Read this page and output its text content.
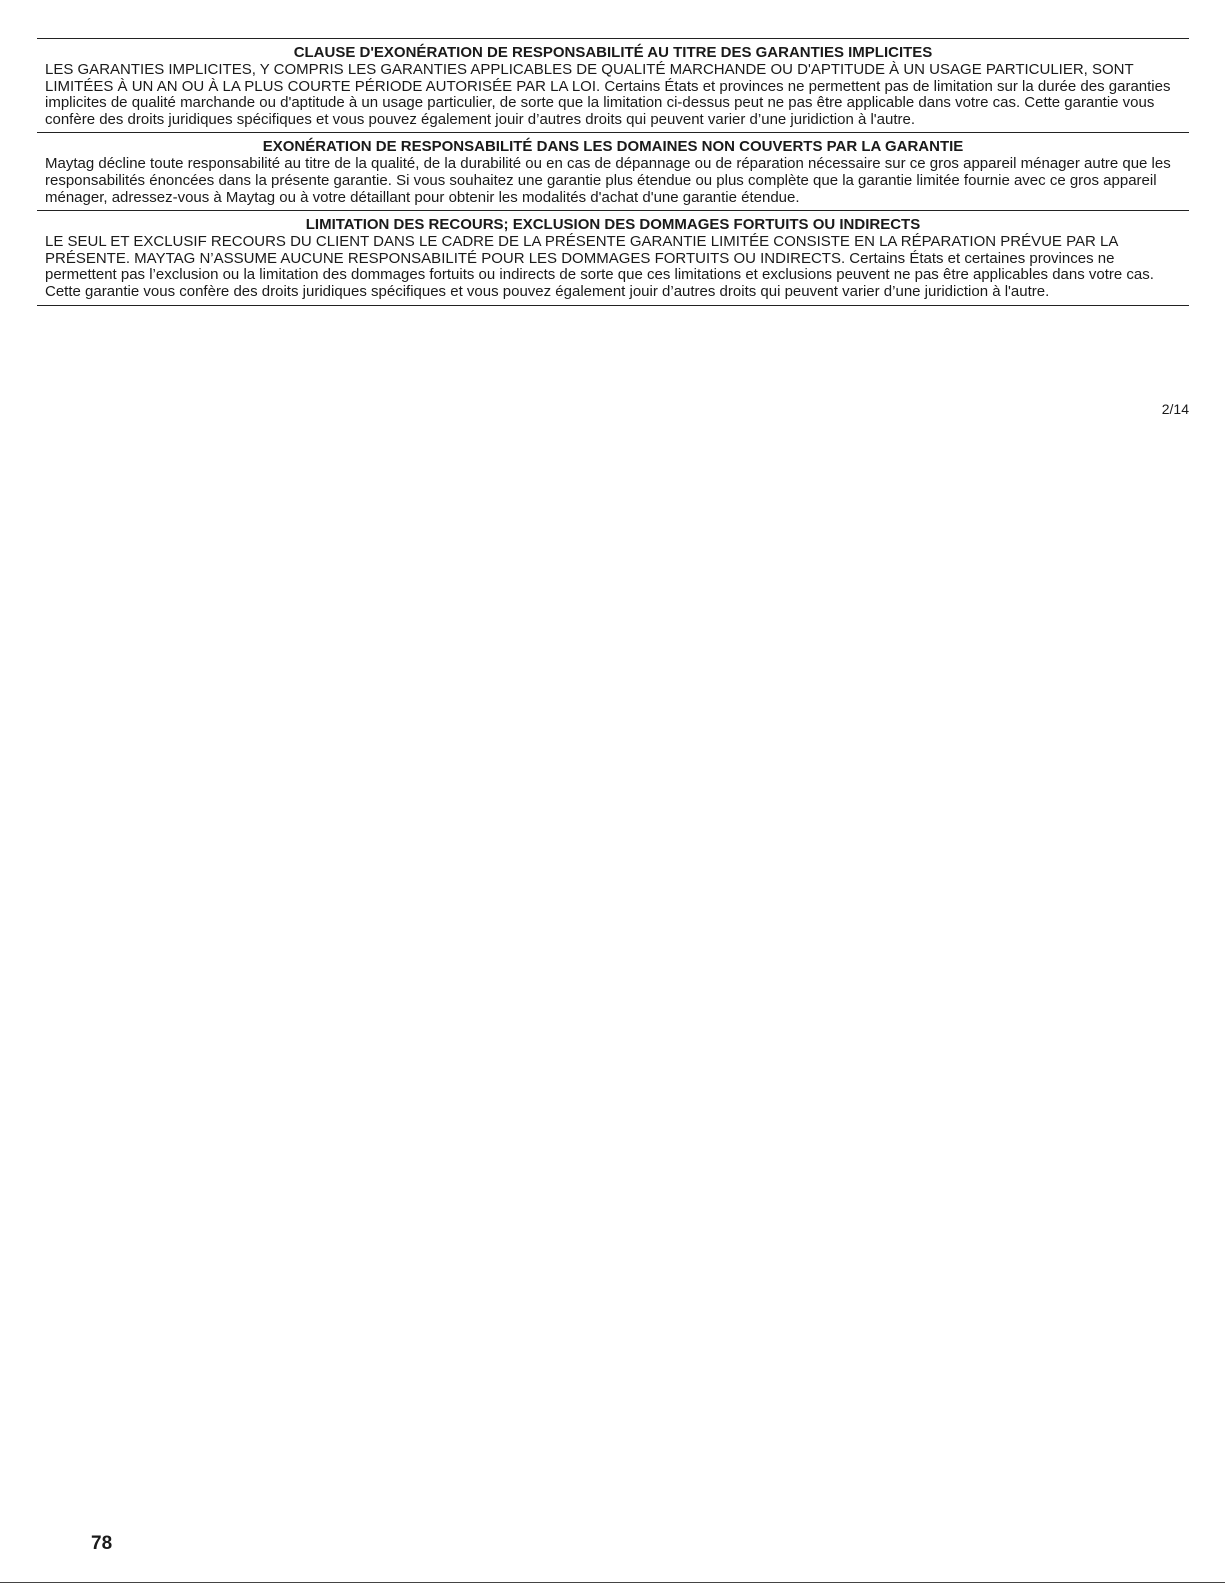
CLAUSE D'EXONÉRATION DE RESPONSABILITÉ AU TITRE DES GARANTIES IMPLICITES

LES GARANTIES IMPLICITES, Y COMPRIS LES GARANTIES APPLICABLES DE QUALITÉ MARCHANDE OU D'APTITUDE À UN USAGE PARTICULIER, SONT LIMITÉES À UN AN OU À LA PLUS COURTE PÉRIODE AUTORISÉE PAR LA LOI. Certains États et provinces ne permettent pas de limitation sur la durée des garanties implicites de qualité marchande ou d'aptitude à un usage particulier, de sorte que la limitation ci-dessus peut ne pas être applicable dans votre cas. Cette garantie vous confère des droits juridiques spécifiques et vous pouvez également jouir d’autres droits qui peuvent varier d’une juridiction à l'autre.

EXONÉRATION DE RESPONSABILITÉ DANS LES DOMAINES NON COUVERTS PAR LA GARANTIE

Maytag décline toute responsabilité au titre de la qualité, de la durabilité ou en cas de dépannage ou de réparation nécessaire sur ce gros appareil ménager autre que les responsabilités énoncées dans la présente garantie. Si vous souhaitez une garantie plus étendue ou plus complète que la garantie limitée fournie avec ce gros appareil ménager, adressez-vous à Maytag ou à votre détaillant pour obtenir les modalités d'achat d'une garantie étendue.

LIMITATION DES RECOURS; EXCLUSION DES DOMMAGES FORTUITS OU INDIRECTS

LE SEUL ET EXCLUSIF RECOURS DU CLIENT DANS LE CADRE DE LA PRÉSENTE GARANTIE LIMITÉE CONSISTE EN LA RÉPARATION PRÉVUE PAR LA PRÉSENTE. MAYTAG N’ASSUME AUCUNE RESPONSABILITÉ POUR LES DOMMAGES FORTUITS OU INDIRECTS. Certains États et certaines provinces ne permettent pas l’exclusion ou la limitation des dommages fortuits ou indirects de sorte que ces limitations et exclusions peuvent ne pas être applicables dans votre cas. Cette garantie vous confère des droits juridiques spécifiques et vous pouvez également jouir d’autres droits qui peuvent varier d’une juridiction à l'autre.

2/14
78
